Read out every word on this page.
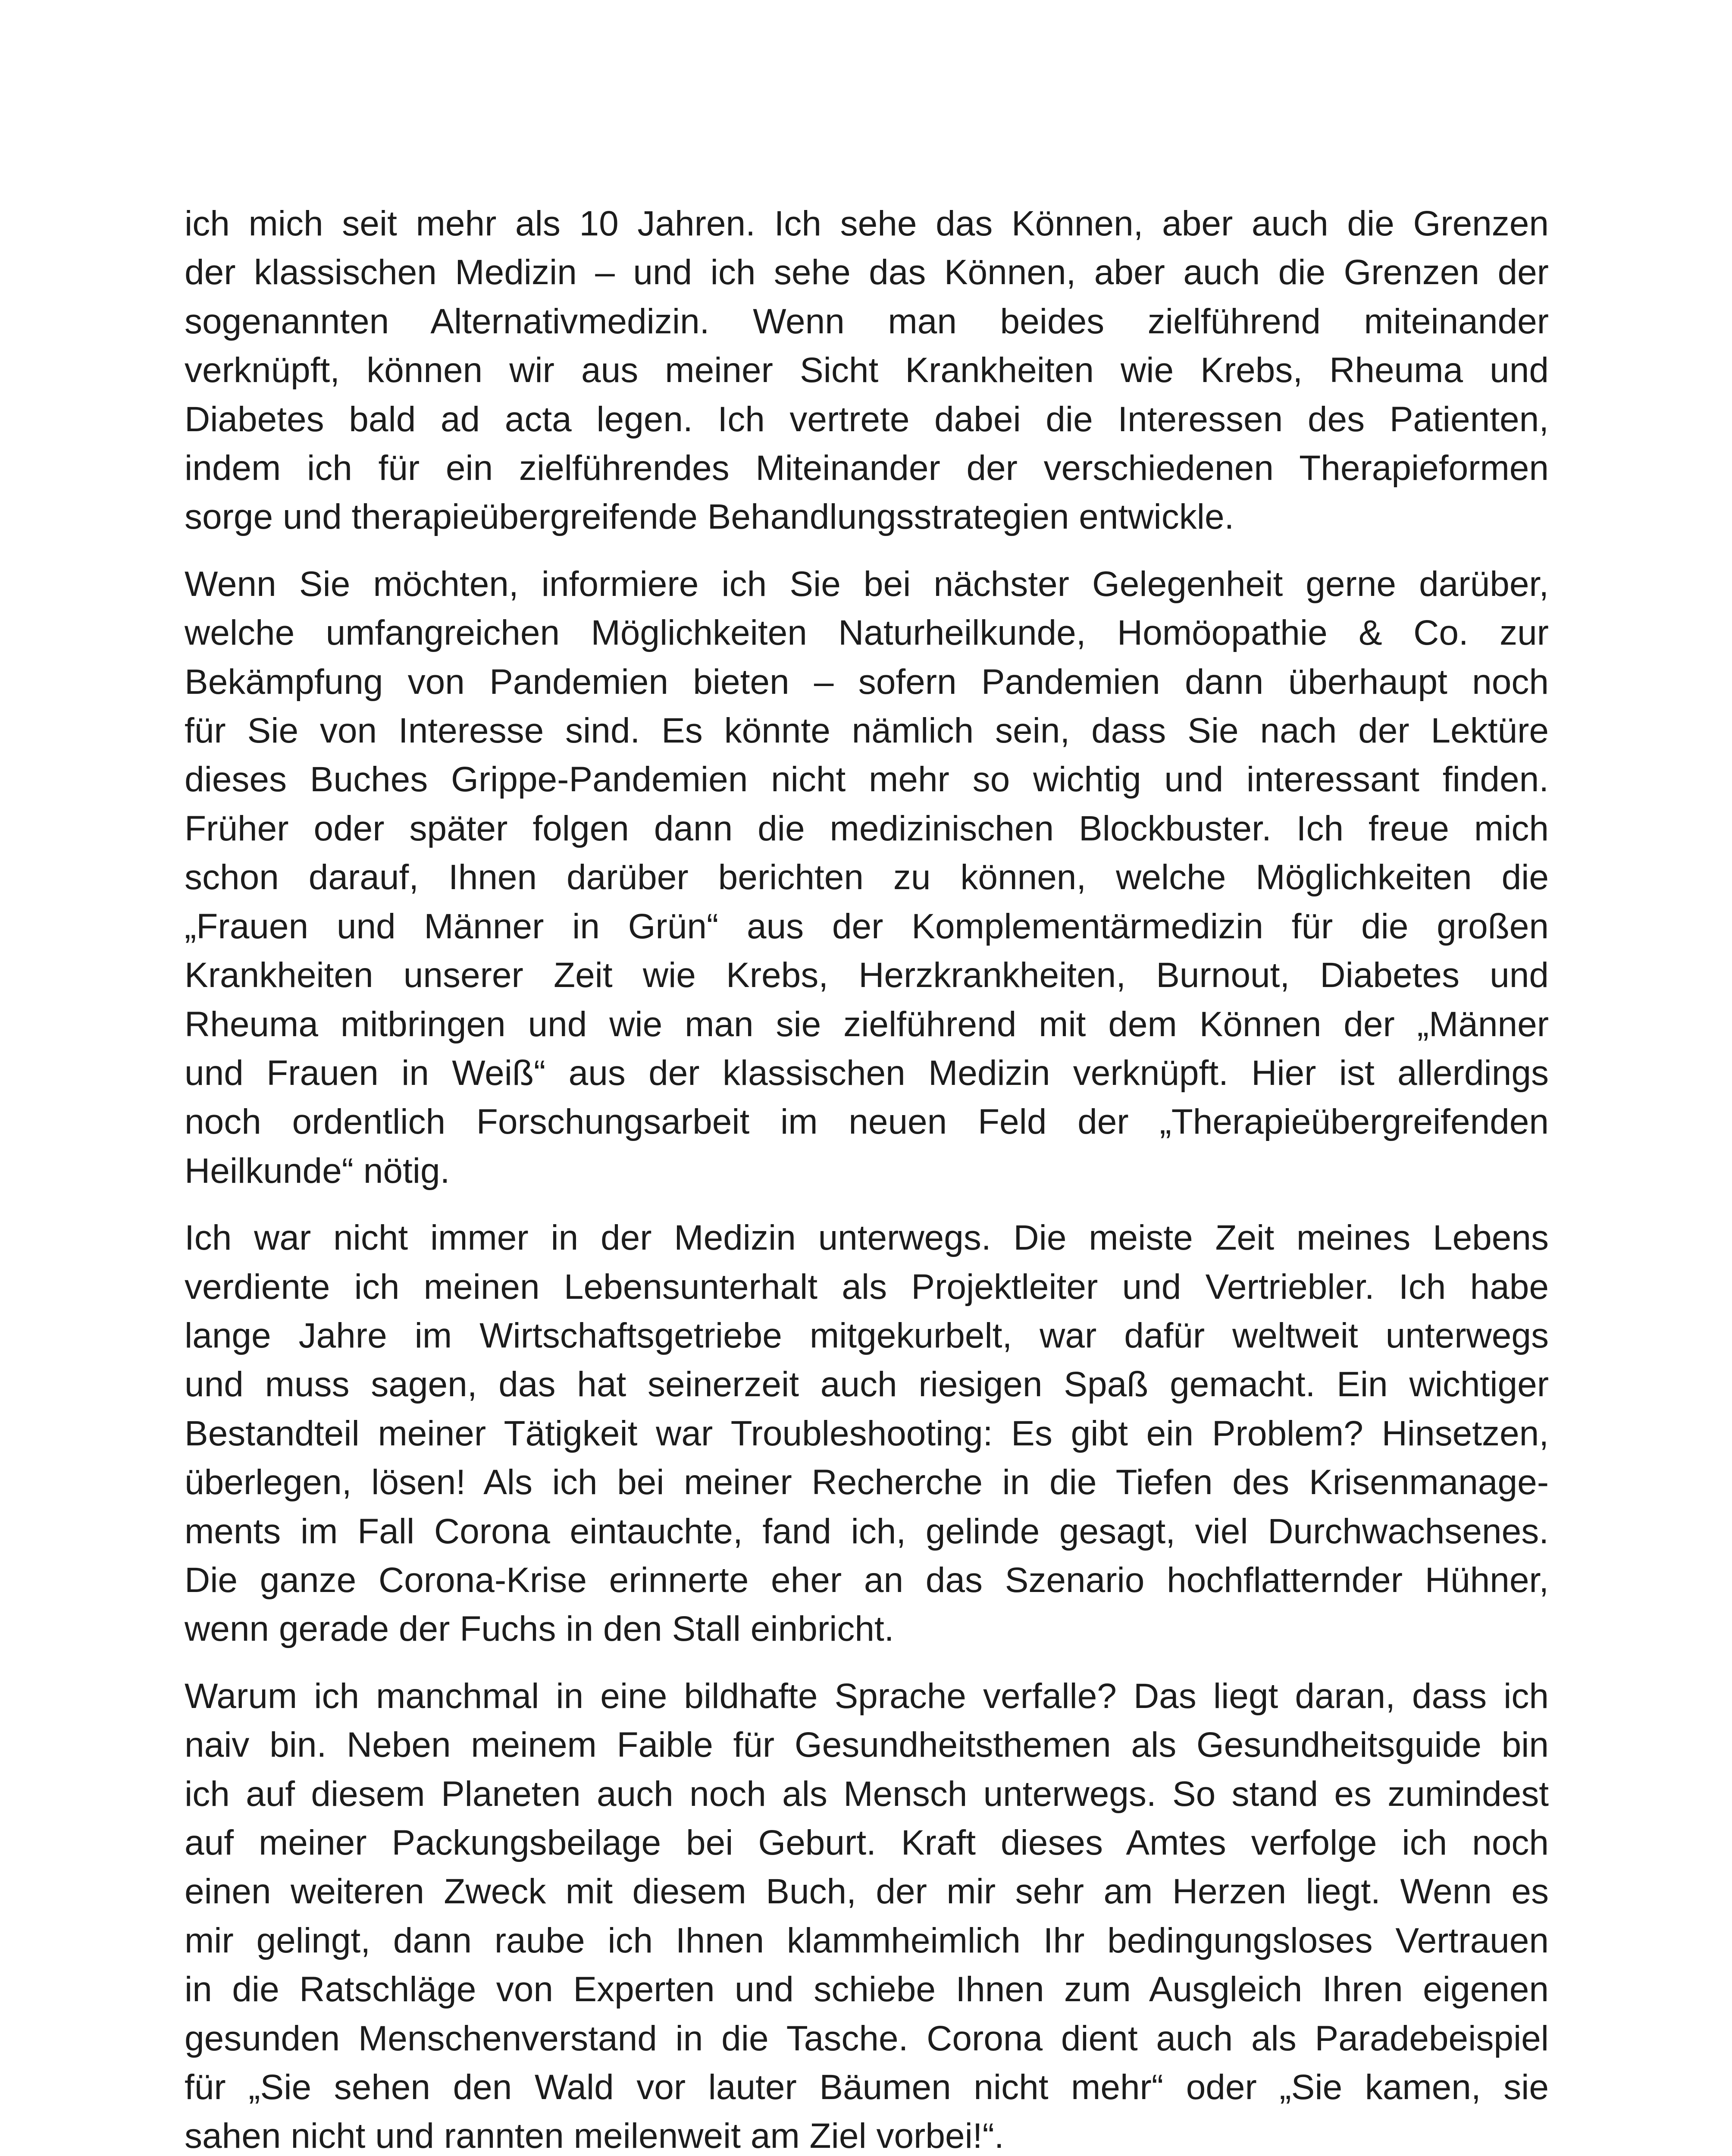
ich mich seit mehr als 10 Jahren. Ich sehe das Können, aber auch die Grenzen
der klassischen Medizin – und ich sehe das Können, aber auch die Grenzen der
sogenannten Alternativmedizin. Wenn man beides zielführend miteinander
verknüpft, können wir aus meiner Sicht Krankheiten wie Krebs, Rheuma und
Diabetes bald ad acta legen. Ich vertrete dabei die Interessen des Patienten,
indem ich für ein zielführendes Miteinander der verschiedenen Therapieformen
sorge und therapieübergreifende Behandlungsstrategien entwickle.

Wenn Sie möchten, informiere ich Sie bei nächster Gelegenheit gerne darüber,
welche umfangreichen Möglichkeiten Naturheilkunde, Homöopathie & Co. zur
Bekämpfung von Pandemien bieten – sofern Pandemien dann überhaupt noch
für Sie von Interesse sind. Es könnte nämlich sein, dass Sie nach der Lektüre
dieses Buches Grippe-Pandemien nicht mehr so wichtig und interessant finden.
Früher oder später folgen dann die medizinischen Blockbuster. Ich freue mich
schon darauf, Ihnen darüber berichten zu können, welche Möglichkeiten die
„Frauen und Männer in Grün“ aus der Komplementärmedizin für die großen
Krankheiten unserer Zeit wie Krebs, Herzkrankheiten, Burnout, Diabetes und
Rheuma mitbringen und wie man sie zielführend mit dem Können der „Männer
und Frauen in Weiß“ aus der klassischen Medizin verknüpft. Hier ist allerdings
noch ordentlich Forschungsarbeit im neuen Feld der „Therapieübergreifenden
Heilkunde“ nötig.

Ich war nicht immer in der Medizin unterwegs. Die meiste Zeit meines Lebens
verdiente ich meinen Lebensunterhalt als Projektleiter und Vertriebler. Ich habe
lange Jahre im Wirtschaftsgetriebe mitgekurbelt, war dafür weltweit unterwegs
und muss sagen, das hat seinerzeit auch riesigen Spaß gemacht. Ein wichtiger
Bestandteil meiner Tätigkeit war Troubleshooting: Es gibt ein Problem? Hinsetzen,
überlegen, lösen! Als ich bei meiner Recherche in die Tiefen des Krisenmanage-
ments im Fall Corona eintauchte, fand ich, gelinde gesagt, viel Durchwachsenes.
Die ganze Corona-Krise erinnerte eher an das Szenario hochflatternder Hühner,
wenn gerade der Fuchs in den Stall einbricht.

Warum ich manchmal in eine bildhafte Sprache verfalle? Das liegt daran, dass ich
naiv bin. Neben meinem Faible für Gesundheitsthemen als Gesundheitsguide bin
ich auf diesem Planeten auch noch als Mensch unterwegs. So stand es zumindest
auf meiner Packungsbeilage bei Geburt. Kraft dieses Amtes verfolge ich noch
einen weiteren Zweck mit diesem Buch, der mir sehr am Herzen liegt. Wenn es
mir gelingt, dann raube ich Ihnen klammheimlich Ihr bedingungsloses Vertrauen
in die Ratschläge von Experten und schiebe Ihnen zum Ausgleich Ihren eigenen
gesunden Menschenverstand in die Tasche. Corona dient auch als Paradebeispiel
für „Sie sehen den Wald vor lauter Bäumen nicht mehr“ oder „Sie kamen, sie
sahen nicht und rannten meilenweit am Ziel vorbei!“.
